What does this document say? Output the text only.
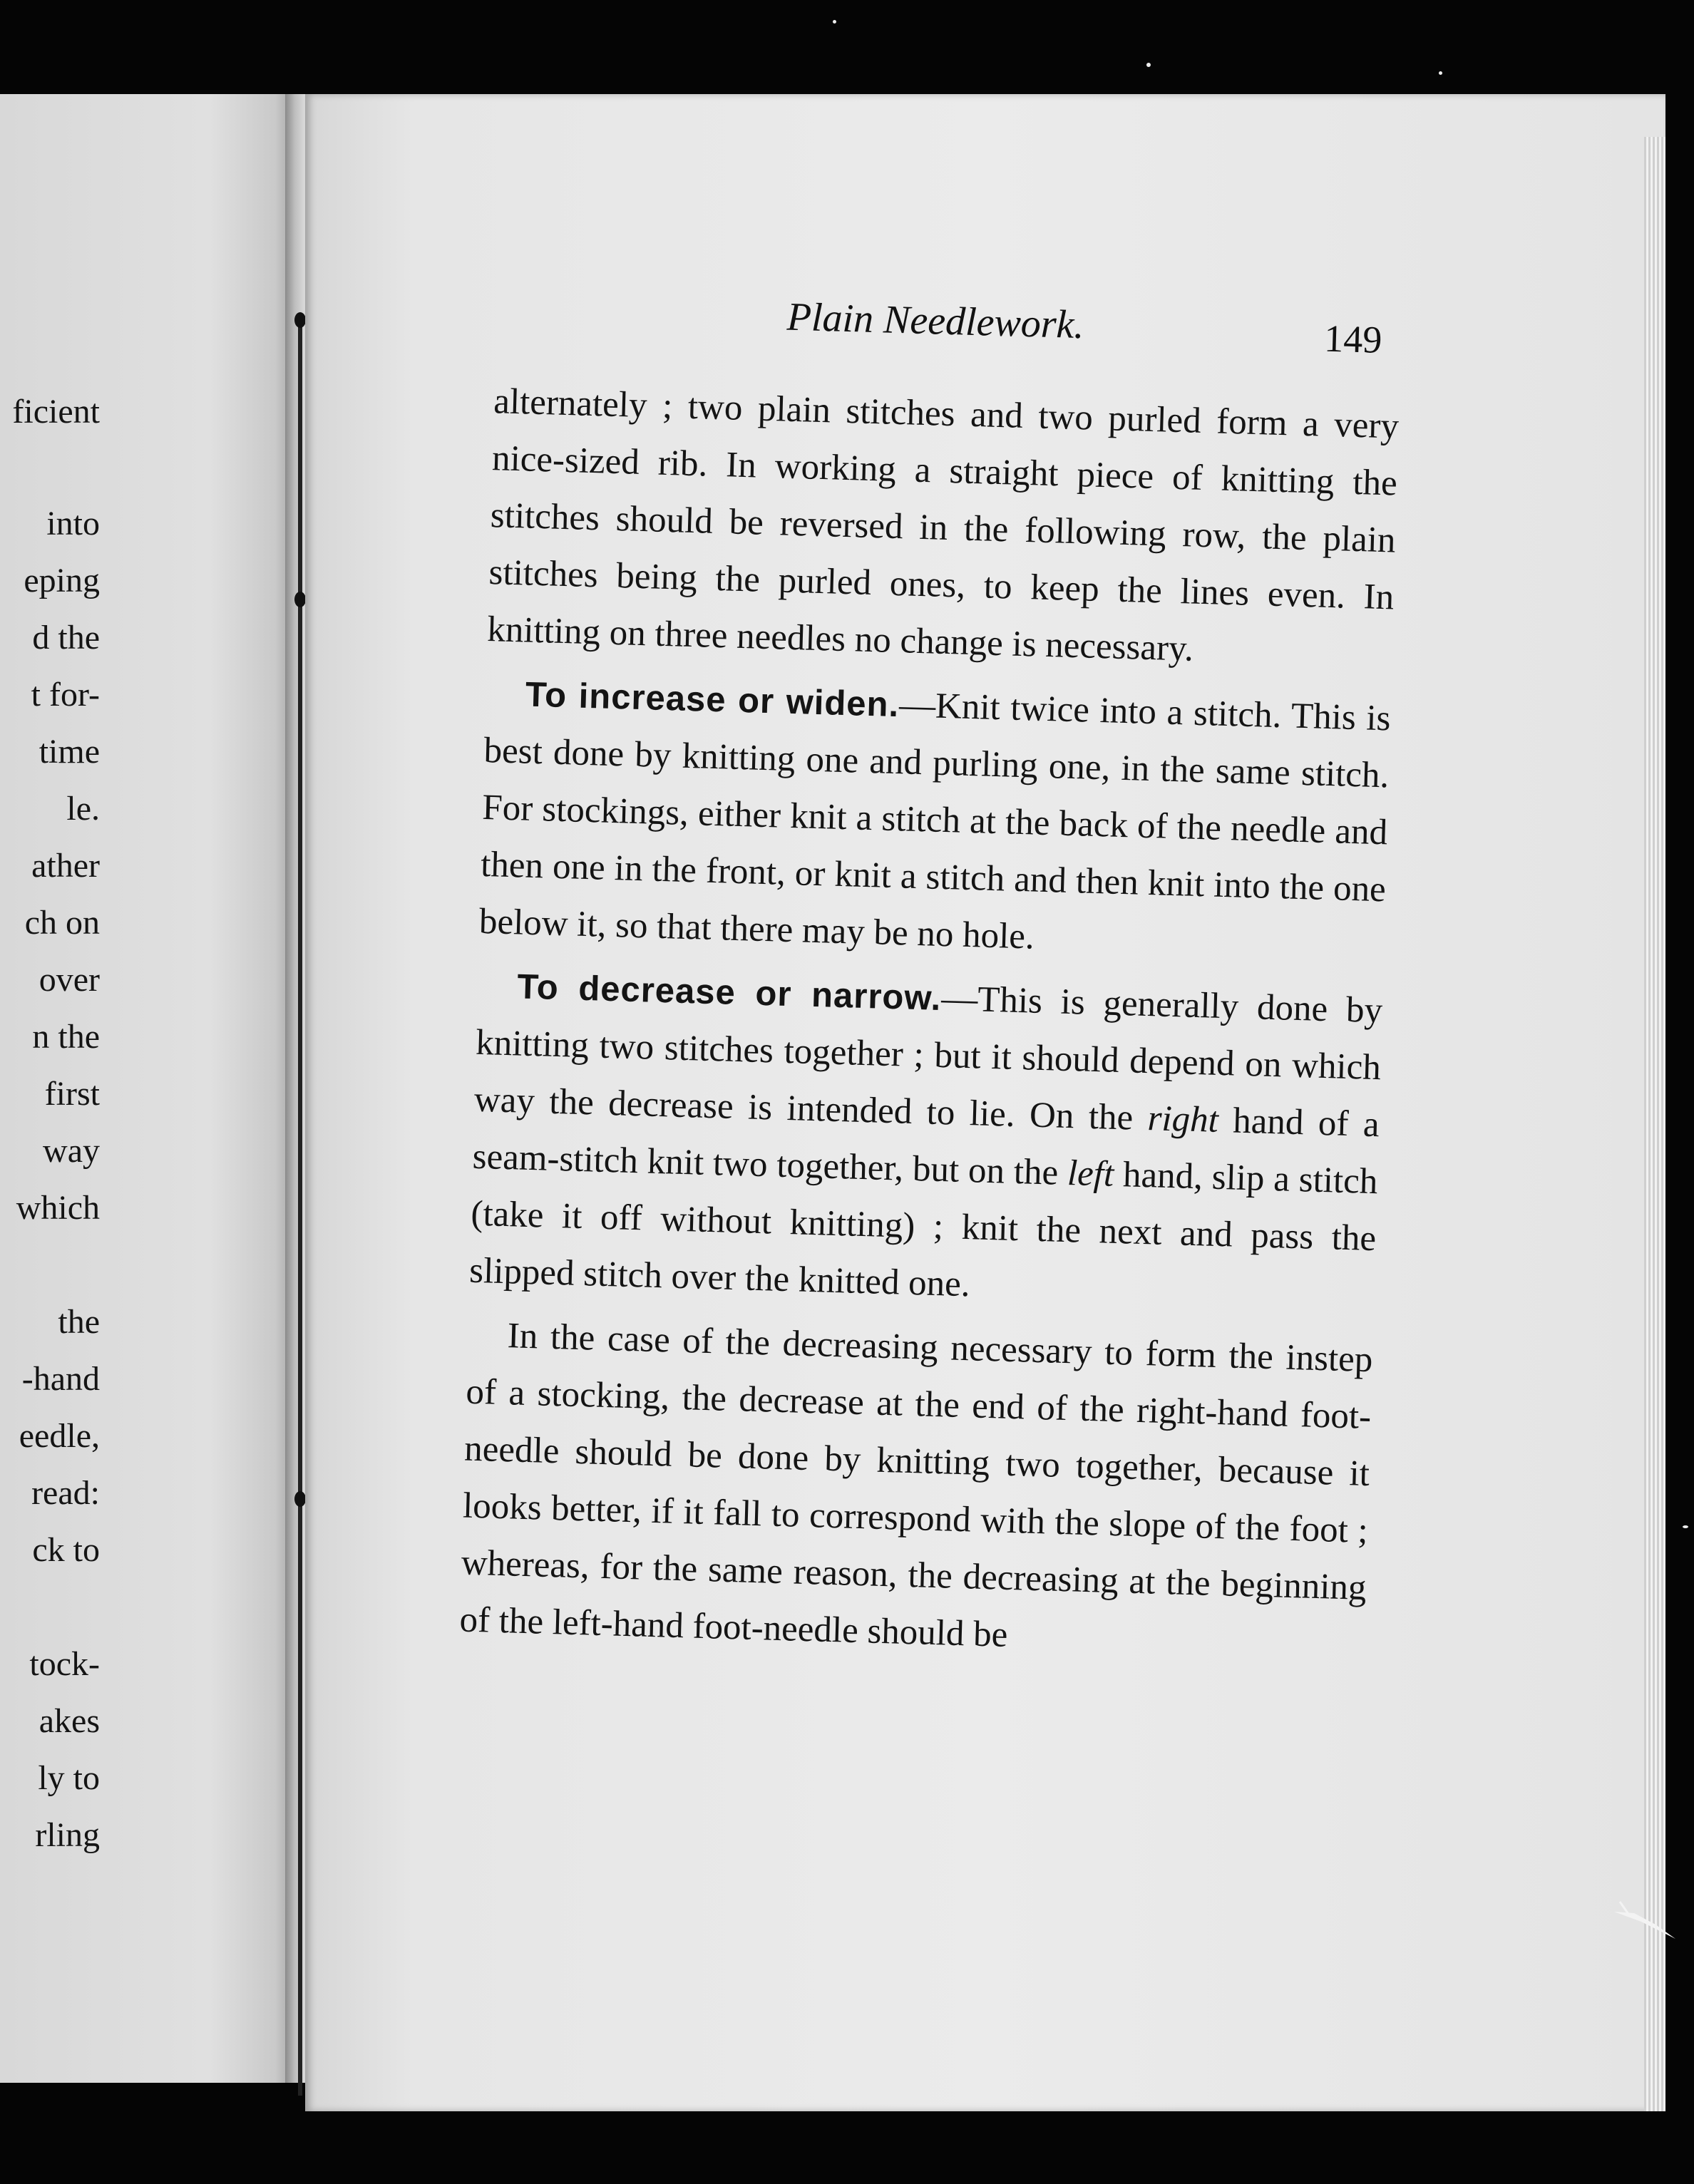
ficient
into
eping
d the
t for-
time
le.
ather
ch on
over
n the
first
way
which
the
-hand
eedle,
read:
ck to
tock-
akes
ly to
rling
Plain Needlework.	149

alternately ; two plain stitches and two purled form a very nice-sized rib. In working a straight piece of knitting the stitches should be reversed in the following row, the plain stitches being the purled ones, to keep the lines even. In knitting on three needles no change is necessary.

To increase or widen.—Knit twice into a stitch. This is best done by knitting one and purling one, in the same stitch. For stockings, either knit a stitch at the back of the needle and then one in the front, or knit a stitch and then knit into the one below it, so that there may be no hole.

To decrease or narrow.—This is generally done by knitting two stitches together ; but it should depend on which way the decrease is intended to lie. On the right hand of a seam-stitch knit two together, but on the left hand, slip a stitch (take it off without knitting) ; knit the next and pass the slipped stitch over the knitted one.

In the case of the decreasing necessary to form the instep of a stocking, the decrease at the end of the right-hand foot-needle should be done by knitting two together, because it looks better, if it fall to correspond with the slope of the foot ; whereas, for the same reason, the decreasing at the beginning of the left-hand foot-needle should be
